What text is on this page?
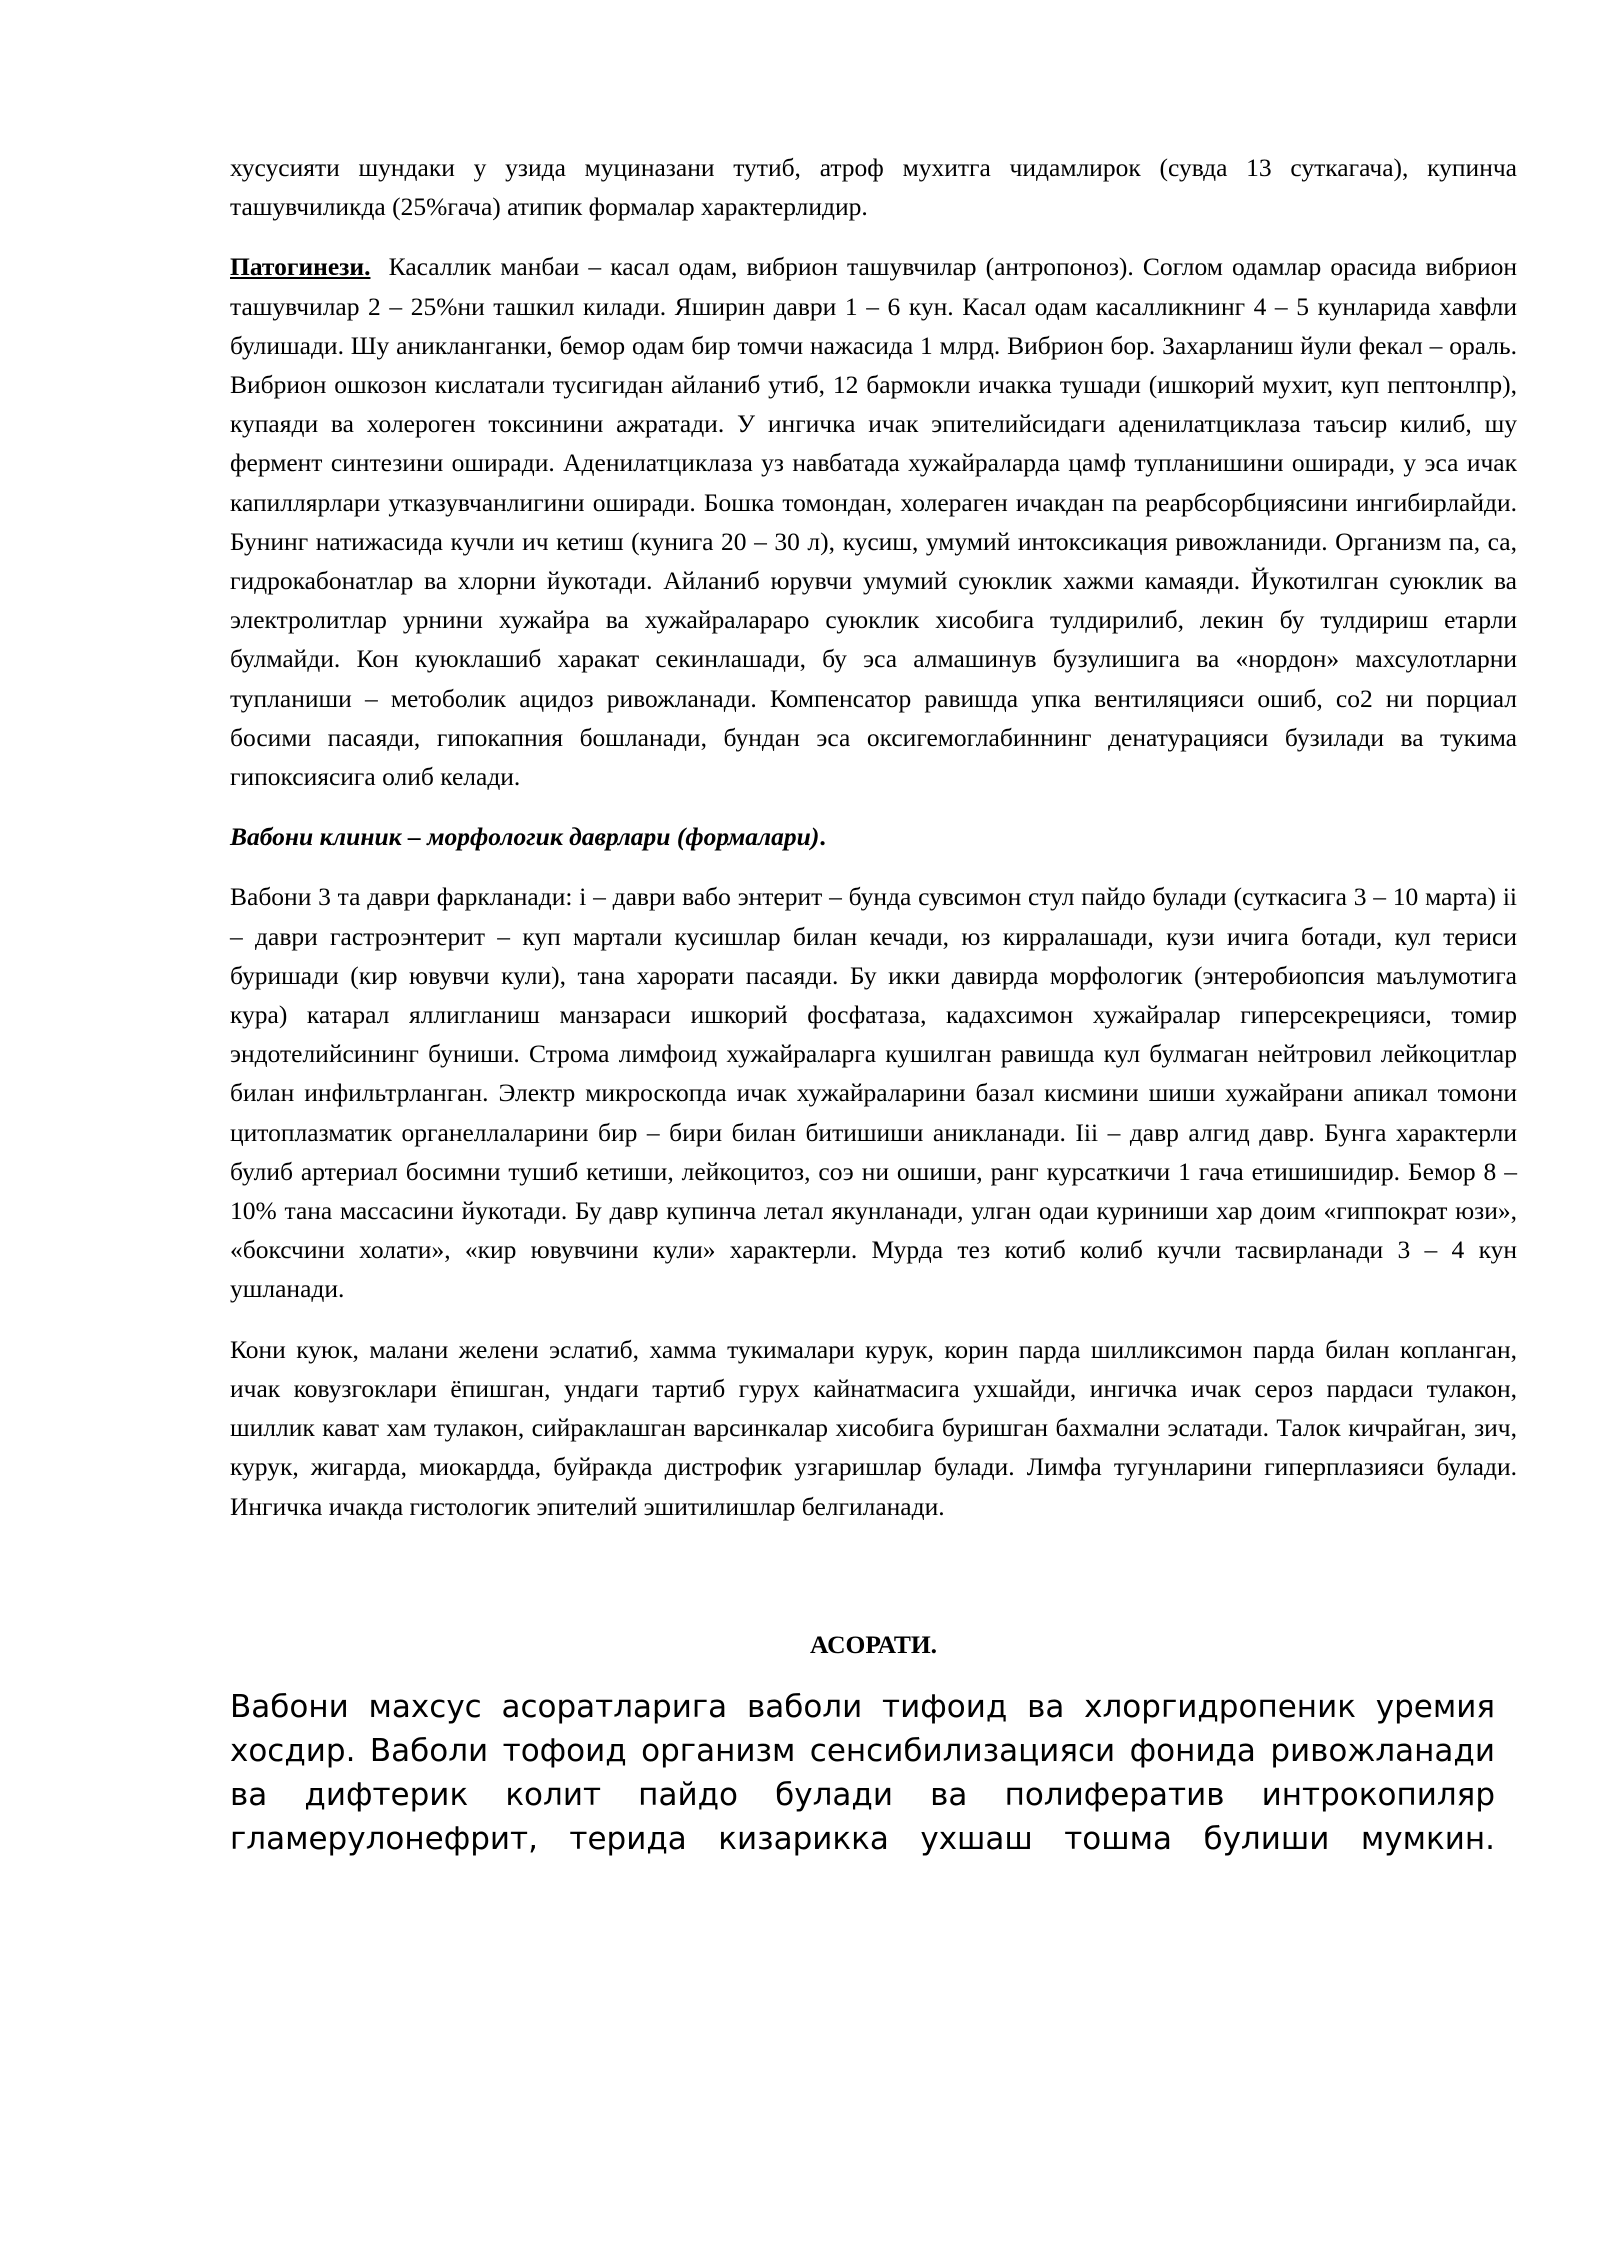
хусусияти шундаки у узида муциназани тутиб, атроф мухитга чидамлирок (сувда 13 суткагача), купинча ташувчиликда (25%гача) атипик формалар характерлидир.

Патогинези. Касаллик манбаи – касал одам, вибрион ташувчилар (антропоноз). Соглом одамлар орасида вибрион ташувчилар 2 – 25%ни ташкил килади. Яширин даври 1 – 6 кун. Касал одам касалликнинг 4 – 5 кунларида хавфли булишади. Шу аникланганки, бемор одам бир томчи нажасида 1 млрд. Вибрион бор. Захарланиш йули фекал – ораль. Вибрион ошкозон кислатали тусигидан айланиб утиб, 12 бармокли ичакка тушади (ишкорий мухит, куп пептонлпр), купаяди ва холероген токсинини ажратади. У ингичка ичак эпителийсидаги аденилатциклаза таъсир килиб, шу фермент синтезини оширади. Аденилатциклаза уз навбатада хужайраларда цамф тупланишини оширади, у эса ичак капиллярлари утказувчанлигини оширади. Бошка томондан, холераген ичакдан па реарбсорбциясини ингибирлайди. Бунинг натижасида кучли ич кетиш (кунига 20 – 30 л), кусиш, умумий интоксикация ривожланиди. Организм па, са, гидрокабонатлар ва хлорни йукотади. Айланиб юрувчи умумий суюклик хажми камаяди. Йукотилган суюклик ва электролитлар урнини хужайра ва хужайралараро суюклик хисобига тулдирилиб, лекин бу тулдириш етарли булмайди. Кон куюклашиб харакат секинлашади, бу эса алмашинув бузулишига ва «нордон» махсулотларни тупланиши – метоболик ацидоз ривожланади. Компенсатор равишда упка вентиляцияси ошиб, со2 ни порциал босими пасаяди, гипокапния бошланади, бундан эса оксигемоглабиннинг денатурацияси бузилади ва тукима гипоксиясига олиб келади.

Вабони клиник – морфологик даврлари (формалари).

Вабони 3 та даври фаркланади: і – даври вабо энтерит – бунда сувсимон стул пайдо булади (суткасига 3 – 10 марта) іі – даври гастроэнтерит – куп мартали кусишлар билан кечади, юз кирралашади, кузи ичига ботади, кул териси буришади (кир ювувчи кули), тана харорати пасаяди. Бу икки давирда морфологик (энтеробиопсия маълумотига кура) катарал яллигланиш манзараси ишкорий фосфатаза, кадахсимон хужайралар гиперсекрецияси, томир эндотелийсининг буниши. Строма лимфоид хужайраларга кушилган равишда кул булмаган нейтровил лейкоцитлар билан инфильтрланган. Электр микроскопда ичак хужайраларини базал кисмини шиши хужайрани апикал томони цитоплазматик органеллаларини бир – бири билан битишиши аникланади. Ііі – давр алгид давр. Бунга характерли булиб артериал босимни тушиб кетиши, лейкоцитоз, соэ ни ошиши, ранг курсаткичи 1 гача етишишидир. Бемор 8 – 10% тана массасини йукотади. Бу давр купинча летал якунланади, улган одаи куриниши хар доим «гиппократ юзи», «боксчини холати», «кир ювувчини кули» характерли. Мурда тез котиб колиб кучли тасвирланади 3 – 4 кун ушланади.

Кони куюк, малани желени эслатиб, хамма тукималари курук, корин парда шилликсимон парда билан копланган, ичак ковузгоклари ёпишган, ундаги тартиб гурух кайнатмасига ухшайди, ингичка ичак сероз пардаси тулакон, шиллик кават хам тулакон, сийраклашган варсинкалар хисобига буришган бахмални эслатади. Талок кичрайган, зич, курук, жигарда, миокардда, буйракда дистрофик узгаришлар булади. Лимфа тугунларини гиперплазияси булади. Ингичка ичакда гистологик эпителий эшитилишлар белгиланади.

АСОРАТИ.

Вабони махсус асоратларига ваболи тифоид ва хлоргидропеник уремия хосдир. Ваболи тофоид организм сенсибилизацияси фонида ривожланади ва дифтерик колит пайдо булади ва полиферaтив интрокопиляр гламерулонефрит, терида кизарикка ухшаш тошма булиши мумкин.
